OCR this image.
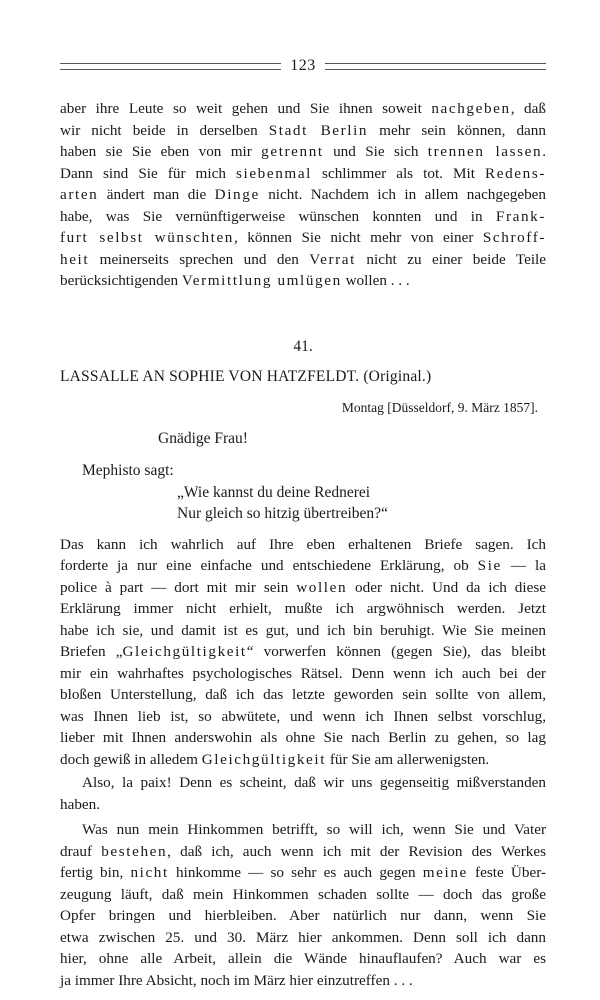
123

aber ihre Leute so weit gehen und Sie ihnen soweit nachgeben, daß
wir nicht beide in derselben Stadt Berlin mehr sein können, dann
haben sie Sie eben von mir getrennt und Sie sich trennen lassen.
Dann sind Sie für mich siebenmal schlimmer als tot. Mit Redens-
arten ändert man die Dinge nicht. Nachdem ich in allem nachgegeben
habe, was Sie vernünftigerweise wünschen konnten und in Frank-
furt selbst wünschten, können Sie nicht mehr von einer Schroff-
heit meinerseits sprechen und den Verrat nicht zu einer beide Teile
berücksichtigenden Vermittlung umlügen wollen . . .

41.
LASSALLE AN SOPHIE VON HATZFELDT. (Original.)
Montag [Düsseldorf, 9. März 1857].
Gnädige Frau!
Mephisto sagt:
„Wie kannst du deine Rednerei
Nur gleich so hitzig übertreiben?“

Das kann ich wahrlich auf Ihre eben erhaltenen Briefe sagen. Ich
forderte ja nur eine einfache und entschiedene Erklärung, ob Sie — la
police à part — dort mit mir sein wollen oder nicht. Und da ich diese
Erklärung immer nicht erhielt, mußte ich argwöhnisch werden. Jetzt
habe ich sie, und damit ist es gut, und ich bin beruhigt. Wie Sie meinen
Briefen „Gleichgültigkeit“ vorwerfen können (gegen Sie), das bleibt
mir ein wahrhaftes psychologisches Rätsel. Denn wenn ich auch bei der
bloßen Unterstellung, daß ich das letzte geworden sein sollte von allem,
was Ihnen lieb ist, so abwütete, und wenn ich Ihnen selbst vorschlug,
lieber mit Ihnen anderswohin als ohne Sie nach Berlin zu gehen, so lag
doch gewiß in alledem Gleichgültigkeit für Sie am allerwenigsten.

Also, la paix! Denn es scheint, daß wir uns gegenseitig mißverstanden
haben.

Was nun mein Hinkommen betrifft, so will ich, wenn Sie und Vater
drauf bestehen, daß ich, auch wenn ich mit der Revision des Werkes
fertig bin, nicht hinkomme — so sehr es auch gegen meine feste Über-
zeugung läuft, daß mein Hinkommen schaden sollte — doch das große
Opfer bringen und hierbleiben. Aber natürlich nur dann, wenn Sie
etwa zwischen 25. und 30. März hier ankommen. Denn soll ich dann
hier, ohne alle Arbeit, allein die Wände hinauflaufen? Auch war es
ja immer Ihre Absicht, noch im März hier einzutreffen . . .
